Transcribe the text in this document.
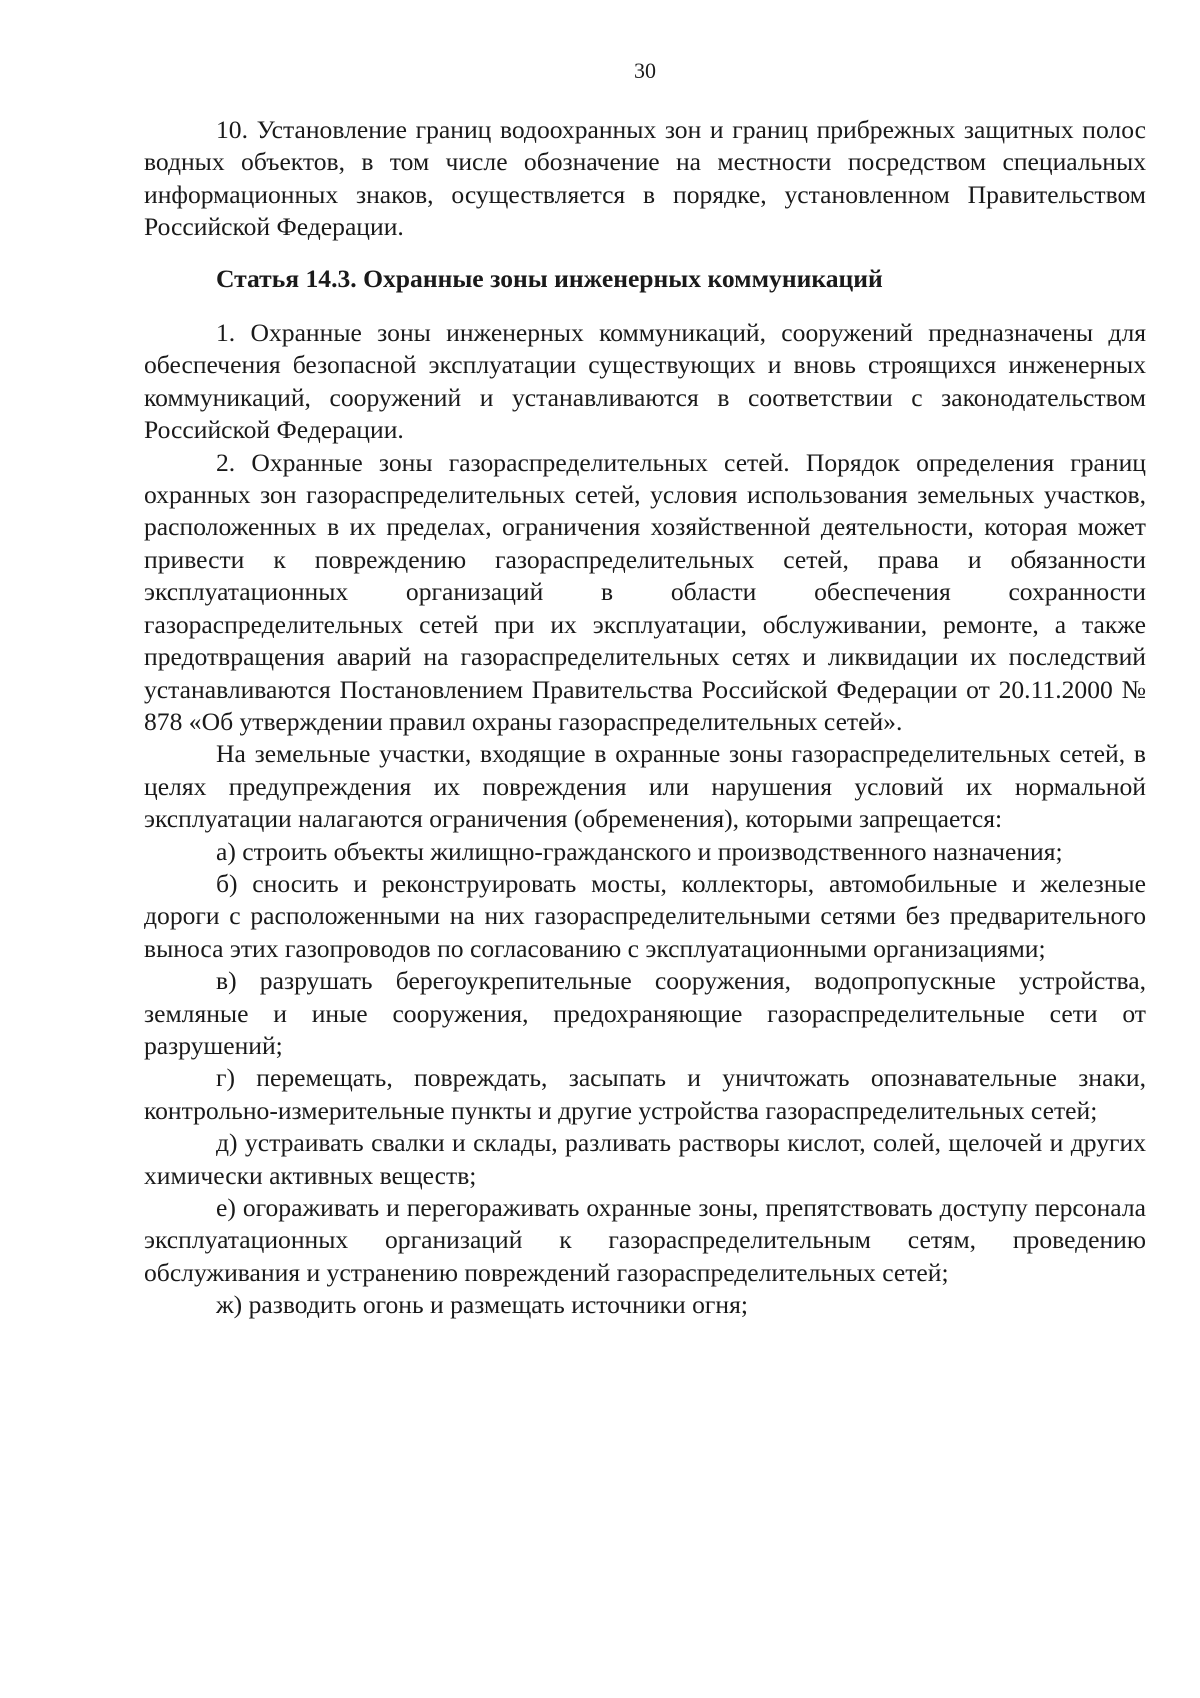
30

10. Установление границ водоохранных зон и границ прибрежных защитных полос водных объектов, в том числе обозначение на местности посредством специальных информационных знаков, осуществляется в порядке, установленном Правительством Российской Федерации.

Статья 14.3. Охранные зоны инженерных коммуникаций

1. Охранные зоны инженерных коммуникаций, сооружений предназначены для обеспечения безопасной эксплуатации существующих и вновь строящихся инженерных коммуникаций, сооружений и устанавливаются в соответствии с законодательством Российской Федерации.

2. Охранные зоны газораспределительных сетей. Порядок определения границ охранных зон газораспределительных сетей, условия использования земельных участков, расположенных в их пределах, ограничения хозяйственной деятельности, которая может привести к повреждению газораспределительных сетей, права и обязанности эксплуатационных организаций в области обеспечения сохранности газораспределительных сетей при их эксплуатации, обслуживании, ремонте, а также предотвращения аварий на газораспределительных сетях и ликвидации их последствий устанавливаются Постановлением Правительства Российской Федерации от 20.11.2000 № 878 «Об утверждении правил охраны газораспределительных сетей».

На земельные участки, входящие в охранные зоны газораспределительных сетей, в целях предупреждения их повреждения или нарушения условий их нормальной эксплуатации налагаются ограничения (обременения), которыми запрещается:

а) строить объекты жилищно-гражданского и производственного назначения;

б) сносить и реконструировать мосты, коллекторы, автомобильные и железные дороги с расположенными на них газораспределительными сетями без предварительного выноса этих газопроводов по согласованию с эксплуатационными организациями;

в) разрушать берегоукрепительные сооружения, водопропускные устройства, земляные и иные сооружения, предохраняющие газораспределительные сети от разрушений;

г) перемещать, повреждать, засыпать и уничтожать опознавательные знаки, контрольно-измерительные пункты и другие устройства газораспределительных сетей;

д) устраивать свалки и склады, разливать растворы кислот, солей, щелочей и других химически активных веществ;

е) огораживать и перегораживать охранные зоны, препятствовать доступу персонала эксплуатационных организаций к газораспределительным сетям, проведению обслуживания и устранению повреждений газораспределительных сетей;

ж) разводить огонь и размещать источники огня;
